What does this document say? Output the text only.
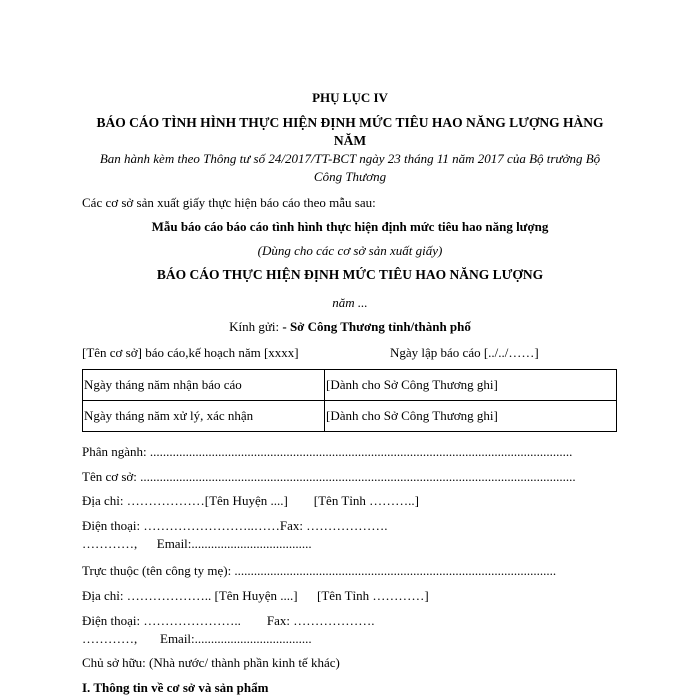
PHỤ LỤC IV
BÁO CÁO TÌNH HÌNH THỰC HIỆN ĐỊNH MỨC TIÊU HAO NĂNG LƯỢNG HÀNG
NĂM
Ban hành kèm theo Thông tư số 24/2017/TT-BCT ngày 23 tháng 11 năm 2017 của Bộ trưởng Bộ
Công Thương
Các cơ sở sản xuất giấy thực hiện báo cáo theo mẫu sau:
Mẫu báo cáo báo cáo tình hình thực hiện định mức tiêu hao năng lượng
(Dùng cho các cơ sở sản xuất giấy)
BÁO CÁO THỰC HIỆN ĐỊNH MỨC TIÊU HAO NĂNG LƯỢNG
năm ...
Kính gửi: - Sở Công Thương tỉnh/thành phố
[Tên cơ sở] báo cáo,kế hoạch năm [xxxx]	Ngày lập báo cáo [../../……]
Ngày tháng năm nhận báo cáo	[Dành cho Sở Công Thương ghi]
Ngày tháng năm xử lý, xác nhận	[Dành cho Sở Công Thương ghi]
Phân ngành: ..................................................................................................................................
Tên cơ sở: ......................................................................................................................................
Địa chỉ: ………………[Tên Huyện ....]        [Tên Tỉnh ………..]
Điện thoại: ……………………..……Fax: ……………….
…………,      Email:.....................................
Trực thuộc (tên công ty mẹ): ...................................................................................................
Địa chỉ: ……………….. [Tên Huyện ....]      [Tên Tỉnh …………]
Điện thoại: …………………..        Fax: ……………….
…………,       Email:....................................
Chủ sở hữu: (Nhà nước/ thành phần kinh tế khác)
I. Thông tin về cơ sở và sản phẩm
